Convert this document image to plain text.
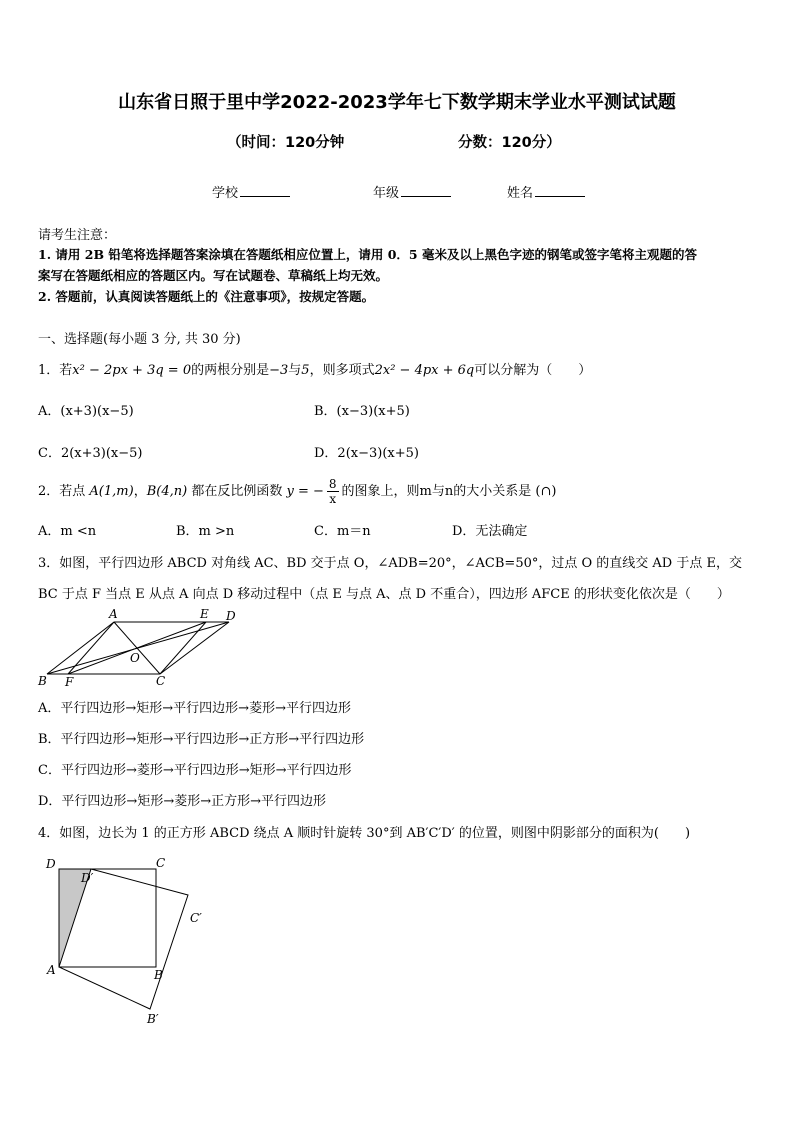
山东省日照于里中学2022-2023学年七下数学期末学业水平测试试题
（时间：120分钟	分数：120分）
学校	年级	姓名
请考生注意：
1. 请用 2B 铅笔将选择题答案涂填在答题纸相应位置上，请用 0．5 毫米及以上黑色字迹的钢笔或签字笔将主观题的答
案写在答题纸相应的答题区内。写在试题卷、草稿纸上均无效。
2. 答题前，认真阅读答题纸上的《注意事项》，按规定答题。
一、选择题(每小题 3 分, 共 30 分)
1．若x² − 2px + 3q = 0的两根分别是−3与5，则多项式2x² − 4px + 6q可以分解为（　　）
A．(x+3)(x−5)	B．(x−3)(x+5)
C．2(x+3)(x−5)	D．2(x−3)(x+5)
2．若点 A(1,m)，B(4,n) 都在反比例函数 y = − $\frac{8}{x}$ 的图象上，则m与n的大小关系是 (∩)
A．m <n	B．m >n	C．m＝n	D．无法确定
3．如图，平行四边形 ABCD 对角线 AC、BD 交于点 O，∠ADB=20°，∠ACB=50°，过点 O 的直线交 AD 于点 E，交
BC 于点 F 当点 E 从点 A 向点 D 移动过程中（点 E 与点 A、点 D 不重合），四边形 AFCE 的形状变化依次是（　　）
A	E D
O
B F	C
A．平行四边形→矩形→平行四边形→菱形→平行四边形
B．平行四边形→矩形→平行四边形→正方形→平行四边形
C．平行四边形→菱形→平行四边形→矩形→平行四边形
D．平行四边形→矩形→菱形→正方形→平行四边形
4．如图，边长为 1 的正方形 ABCD 绕点 A 顺时针旋转 30°到 AB′C′D′ 的位置，则图中阴影部分的面积为(　　)
D	C
D′
C′
A	B
B′
